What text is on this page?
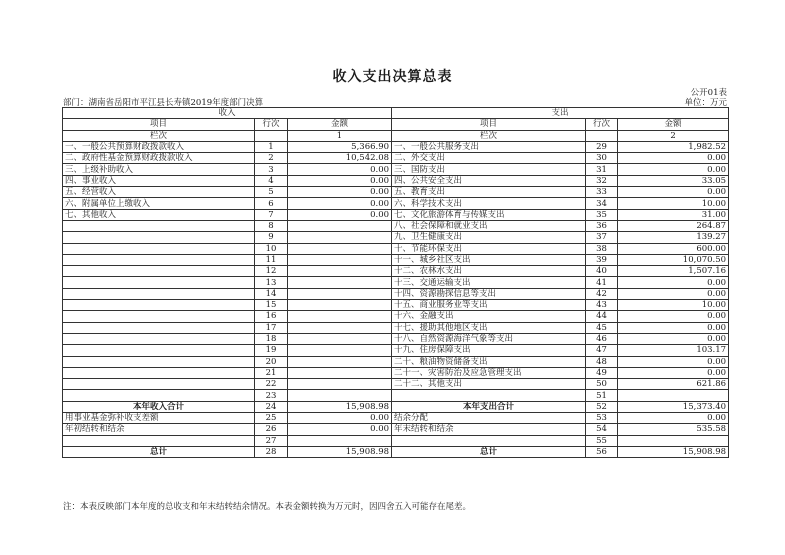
收入支出决算总表
公开01表
部门：湖南省岳阳市平江县长寿镇2019年度部门决算	单位：万元
收入			支出		
项目	行次	金额	项目	行次	金额
栏次		1	栏次		2
一、一般公共预算财政拨款收入	1	5,366.90	一、一般公共服务支出	29	1,982.52
二、政府性基金预算财政拨款收入	2	10,542.08	二、外交支出	30	0.00
三、上级补助收入	3	0.00	三、国防支出	31	0.00
四、事业收入	4	0.00	四、公共安全支出	32	33.05
五、经营收入	5	0.00	五、教育支出	33	0.00
六、附属单位上缴收入	6	0.00	六、科学技术支出	34	10.00
七、其他收入	7	0.00	七、文化旅游体育与传媒支出	35	31.00
	8		八、社会保障和就业支出	36	264.87
	9		九、卫生健康支出	37	139.27
	10		十、节能环保支出	38	600.00
	11		十一、城乡社区支出	39	10,070.50
	12		十二、农林水支出	40	1,507.16
	13		十三、交通运输支出	41	0.00
	14		十四、资源勘探信息等支出	42	0.00
	15		十五、商业服务业等支出	43	10.00
	16		十六、金融支出	44	0.00
	17		十七、援助其他地区支出	45	0.00
	18		十八、自然资源海洋气象等支出	46	0.00
	19		十九、住房保障支出	47	103.17
	20		二十、粮油物资储备支出	48	0.00
	21		二十一、灾害防治及应急管理支出	49	0.00
	22		二十二、其他支出	50	621.86
	23			51	
本年收入合计	24	15,908.98	本年支出合计	52	15,373.40
用事业基金弥补收支差额	25	0.00	结余分配	53	0.00
年初结转和结余	26	0.00	年末结转和结余	54	535.58
	27			55	
总计	28	15,908.98	总计	56	15,908.98
注：本表反映部门本年度的总收支和年末结转结余情况。本表金额转换为万元时，因四舍五入可能存在尾差。
